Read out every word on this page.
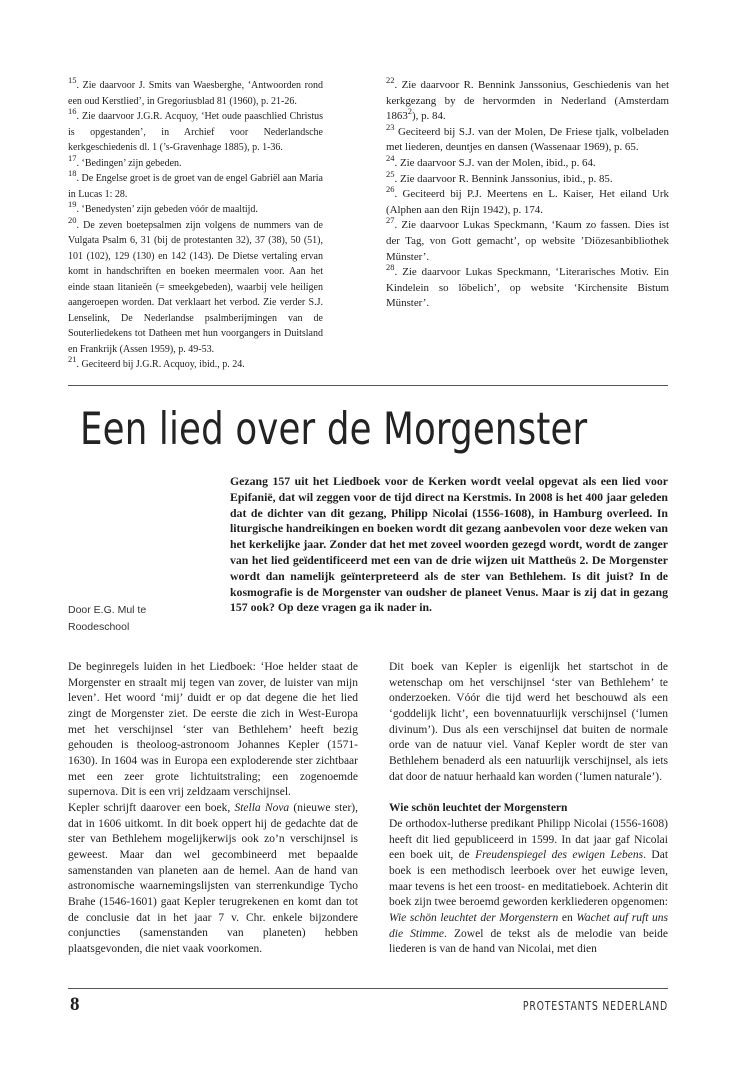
$^{15}$. Zie daarvoor J. Smits van Waesberghe, ‘Antwoorden rond een oud Kerstlied’, in Gregoriusblad 81 (1960), p. 21-26.

$^{16}$. Zie daarvoor J.G.R. Acquoy, ‘Het oude paaschlied Christus is opgestanden’, in Archief voor Nederlandsche kerkgeschiedenis dl. 1 (’s-Gravenhage 1885), p. 1-36.

$^{17}$. ‘Bedingen’ zijn gebeden.

$^{18}$. De Engelse groet is de groet van de engel Gabriël aan Maria in Lucas 1: 28.

$^{19}$. ‘Benedysten’ zijn gebeden vóór de maaltijd.

$^{20}$. De zeven boetepsalmen zijn volgens de nummers van de Vulgata Psalm 6, 31 (bij de protestanten 32), 37 (38), 50 (51), 101 (102), 129 (130) en 142 (143). De Dietse vertaling ervan komt in handschriften en boeken meermalen voor. Aan het einde staan litanieën (= smeekgebeden), waarbij vele heiligen aangeroepen worden. Dat verklaart het verbod. Zie verder S.J. Lenselink, De Nederlandse psalmberijmingen van de Souterliedekens tot Datheen met hun voorgangers in Duitsland en Frankrijk (Assen 1959), p. 49-53.

$^{21}$. Geciteerd bij J.G.R. Acquoy, ibid., p. 24.

$^{22}$. Zie daarvoor R. Bennink Janssonius, Geschiedenis van het kerkgezang by de hervormden in Nederland (Amsterdam 1863$^2$), p. 84.

$^{23}$ Geciteerd bij S.J. van der Molen, De Friese tjalk, volbeladen met liederen, deuntjes en dansen (Wassenaar 1969), p. 65.

$^{24}$. Zie daarvoor S.J. van der Molen, ibid., p. 64.

$^{25}$. Zie daarvoor R. Bennink Janssonius, ibid., p. 85.

$^{26}$. Geciteerd bij P.J. Meertens en L. Kaiser, Het eiland Urk (Alphen aan den Rijn 1942), p. 174.

$^{27}$. Zie daarvoor Lukas Speckmann, ‘Kaum zo fassen. Dies ist der Tag, von Gott gemacht’, op website ’Diözesanbibliothek Münster’.

$^{28}$. Zie daarvoor Lukas Speckmann, ‘Literarisches Motiv. Ein Kindelein so löbelich’, op website ‘Kirchensite Bistum Münster’.

Een lied over de Morgenster

Gezang 157 uit het Liedboek voor de Kerken wordt veelal opgevat als een lied voor Epifanië, dat wil zeggen voor de tijd direct na Kerstmis. In 2008 is het 400 jaar geleden dat de dichter van dit gezang, Philipp Nicolai (1556-1608), in Hamburg overleed. In liturgische handreikingen en boeken wordt dit gezang aanbevolen voor deze weken van het kerkelijke jaar. Zonder dat het met zoveel woorden gezegd wordt, wordt de zanger van het lied geïdentificeerd met een van de drie wijzen uit Mattheüs 2. De Morgenster wordt dan namelijk geïnterpreteerd als de ster van Bethlehem. Is dit juist? In de kosmografie is de Morgenster van oudsher de planeet Venus. Maar is zij dat in gezang 157 ook? Op deze vragen ga ik nader in.

Door E.G. Mul te
Roodeschool

De beginregels luiden in het Liedboek: ‘Hoe helder staat de Morgenster en straalt mij tegen van zover, de luister van mijn leven’. Het woord ‘mij’ duidt er op dat degene die het lied zingt de Morgenster ziet. De eerste die zich in West-Europa met het verschijnsel ‘ster van Bethlehem’ heeft bezig gehouden is theoloog-astronoom Johannes Kepler (1571-1630). In 1604 was in Europa een exploderende ster zichtbaar met een zeer grote lichtuitstraling; een zogenoemde supernova. Dit is een vrij zeldzaam verschijnsel.

Kepler schrijft daarover een boek, Stella Nova (nieuwe ster), dat in 1606 uitkomt. In dit boek oppert hij de gedachte dat de ster van Bethlehem mogelijkerwijs ook zo’n verschijnsel is geweest. Maar dan wel gecombineerd met bepaalde samenstanden van planeten aan de hemel. Aan de hand van astronomische waarnemingslijsten van sterrenkundige Tycho Brahe (1546-1601) gaat Kepler terugrekenen en komt dan tot de conclusie dat in het jaar 7 v. Chr. enkele bijzondere conjuncties (samenstanden van planeten) hebben plaatsgevonden, die niet vaak voorkomen.

Dit boek van Kepler is eigenlijk het startschot in de wetenschap om het verschijnsel ‘ster van Bethlehem’ te onderzoeken. Vóór die tijd werd het beschouwd als een ‘goddelijk licht’, een bovennatuurlijk verschijnsel (‘lumen divinum’). Dus als een verschijnsel dat buiten de normale orde van de natuur viel. Vanaf Kepler wordt de ster van Bethlehem benaderd als een natuurlijk verschijnsel, als iets dat door de natuur herhaald kan worden (‘lumen naturale’).

Wie schön leuchtet der Morgenstern

De orthodox-lutherse predikant Philipp Nicolai (1556-1608) heeft dit lied gepubliceerd in 1599. In dat jaar gaf Nicolai een boek uit, de Freudenspiegel des ewigen Lebens. Dat boek is een methodisch leerboek over het euwige leven, maar tevens is het een troost- en meditatieboek. Achterin dit boek zijn twee beroemd geworden kerkliederen opgenomen: Wie schön leuchtet der Morgenstern en Wachet auf ruft uns die Stimme. Zowel de tekst als de melodie van beide liederen is van de hand van Nicolai, met dien

8	PROTESTANTS NEDERLAND
